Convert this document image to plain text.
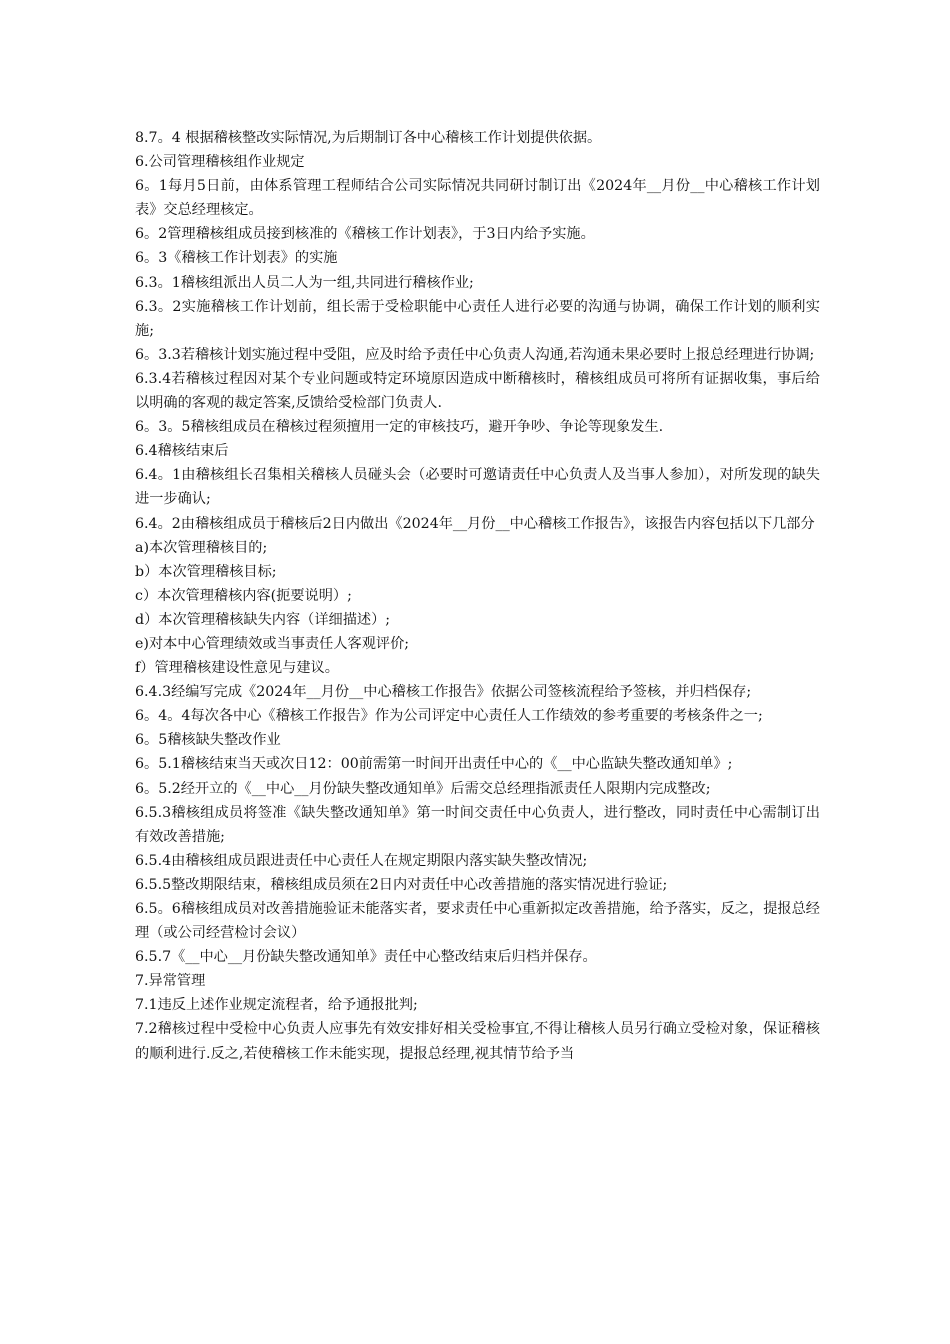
8.7。4 根据稽核整改实际情况,为后期制订各中心稽核工作计划提供依据。

6.公司管理稽核组作业规定

6。1每月5日前，由体系管理工程师结合公司实际情况共同研讨制订出《2024年__月份__中心稽核工作计划表》交总经理核定。

6。2管理稽核组成员接到核准的《稽核工作计划表》，于3日内给予实施。

6。3《稽核工作计划表》的实施

6.3。1稽核组派出人员二人为一组,共同进行稽核作业;

6.3。2实施稽核工作计划前，组长需于受检职能中心责任人进行必要的沟通与协调，确保工作计划的顺利实施;

6。3.3若稽核计划实施过程中受阻，应及时给予责任中心负责人沟通,若沟通未果必要时上报总经理进行协调;

6.3.4若稽核过程因对某个专业问题或特定环境原因造成中断稽核时，稽核组成员可将所有证据收集，事后给以明确的客观的裁定答案,反馈给受检部门负责人.

6。3。5稽核组成员在稽核过程须擅用一定的审核技巧，避开争吵、争论等现象发生.

6.4稽核结束后

6.4。1由稽核组长召集相关稽核人员碰头会（必要时可邀请责任中心负责人及当事人参加），对所发现的缺失进一步确认;

6.4。2由稽核组成员于稽核后2日内做出《2024年__月份__中心稽核工作报告》，该报告内容包括以下几部分

a)本次管理稽核目的;

b）本次管理稽核目标;

c）本次管理稽核内容(扼要说明）;

d）本次管理稽核缺失内容（详细描述）;

e)对本中心管理绩效或当事责任人客观评价;

f）管理稽核建设性意见与建议。

6.4.3经编写完成《2024年__月份__中心稽核工作报告》依据公司签核流程给予签核，并归档保存;

6。4。4每次各中心《稽核工作报告》作为公司评定中心责任人工作绩效的参考重要的考核条件之一;

6。5稽核缺失整改作业

6。5.1稽核结束当天或次日12：00前需第一时间开出责任中心的《__中心监缺失整改通知单》;

6。5.2经开立的《__中心__月份缺失整改通知单》后需交总经理指派责任人限期内完成整改;

6.5.3稽核组成员将签准《缺失整改通知单》第一时间交责任中心负责人，进行整改，同时责任中心需制订出有效改善措施;

6.5.4由稽核组成员跟进责任中心责任人在规定期限内落实缺失整改情况;

6.5.5整改期限结束，稽核组成员须在2日内对责任中心改善措施的落实情况进行验证;

6.5。6稽核组成员对改善措施验证未能落实者，要求责任中心重新拟定改善措施，给予落实，反之，提报总经理（或公司经营检讨会议）

6.5.7《__中心__月份缺失整改通知单》责任中心整改结束后归档并保存。

7.异常管理

7.1违反上述作业规定流程者，给予通报批判;

7.2稽核过程中受检中心负责人应事先有效安排好相关受检事宜,不得让稽核人员另行确立受检对象，保证稽核的顺利进行.反之,若使稽核工作未能实现，提报总经理,视其情节给予当
